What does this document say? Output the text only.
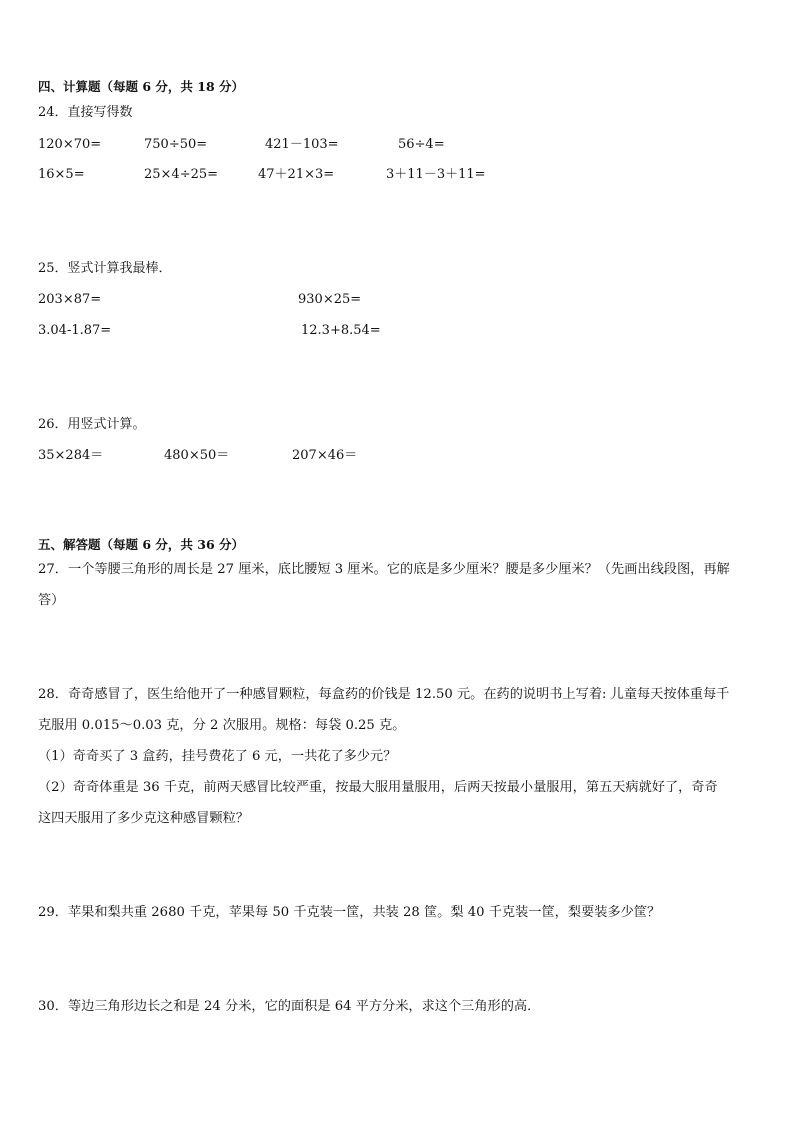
四、计算题（每题 6 分，共 18 分）
24．直接写得数
120×70=	750÷50=	421－103=	56÷4=
16×5=	25×4÷25=	47＋21×3=	3＋11－3＋11=
25．竖式计算我最棒．
203×87=	930×25=
3.04-1.87=	12.3+8.54=
26．用竖式计算。
35×284＝	480×50＝	207×46＝
五、解答题（每题 6 分，共 36 分）
27．一个等腰三角形的周长是 27 厘米，底比腰短 3 厘米。它的底是多少厘米？腰是多少厘米？（先画出线段图，再解
答）
28．奇奇感冒了，医生给他开了一种感冒颗粒，每盒药的价钱是 12.50 元。在药的说明书上写着: 儿童每天按体重每千
克服用 0.015～0.03 克，分 2 次服用。规格：每袋 0.25 克。
（1）奇奇买了 3 盒药，挂号费花了 6 元，一共花了多少元？
（2）奇奇体重是 36 千克，前两天感冒比较严重，按最大服用量服用，后两天按最小量服用，第五天病就好了，奇奇
这四天服用了多少克这种感冒颗粒？
29．苹果和梨共重 2680 千克，苹果每 50 千克装一筐，共装 28 筐。梨 40 千克装一筐，梨要装多少筐？
30．等边三角形边长之和是 24 分米，它的面积是 64 平方分米，求这个三角形的高．
